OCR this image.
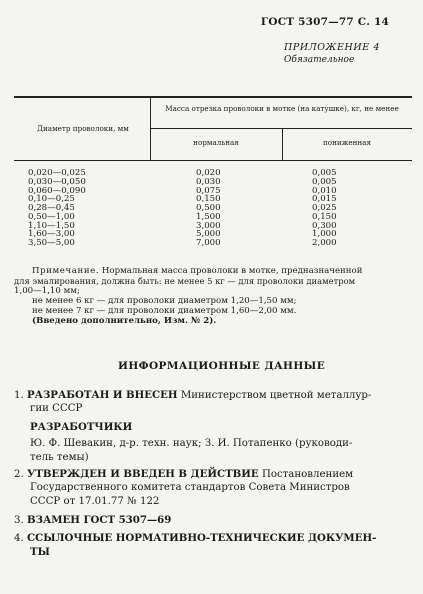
ГОСТ 5307—77 С. 14
ПРИЛОЖЕНИЕ 4
Обязательное
Диаметр проволоки, мм
Масса отрезка проволоки в мотке (на катушке), кг, не менее
нормальная	пониженная
0,020—0,025
0,030—0,050
0,060—0,090
0,10—0,25
0,28—0,45
0,50—1,00
1,10—1,50
1,60—3,00
3,50—5,00
0,020
0,030
0,075
0,150
0,500
1,500
3,000
5,000
7,000
0,005
0,005
0,010
0,015
0,025
0,150
0,300
1,000
2,000
Примечание. Нормальная масса проволоки в мотке, предназначенной
для эмалирования, должна быть: не менее 5 кг — для проволоки диаметром
1,00—1,10 мм;
не менее 6 кг — для проволоки диаметром 1,20—1,50 мм;
не менее 7 кг — для проволоки диаметром 1,60—2,00 мм.
(Введено дополнительно, Изм. № 2).
ИНФОРМАЦИОННЫЕ ДАННЫЕ
1. РАЗРАБОТАН И ВНЕСЕН Министерством цветной металлур-
гии СССР
РАЗРАБОТЧИКИ
Ю. Ф. Шевакин, д-р. техн. наук; З. И. Потапенко (руководи-
тель темы)
2. УТВЕРЖДЕН И ВВЕДЕН В ДЕЙСТВИЕ Постановлением
Государственного комитета стандартов Совета Министров
СССР от 17.01.77 № 122
3. ВЗАМЕН ГОСТ 5307—69
4. ССЫЛОЧНЫЕ НОРМАТИВНО-ТЕХНИЧЕСКИЕ ДОКУМЕН-
ТЫ
